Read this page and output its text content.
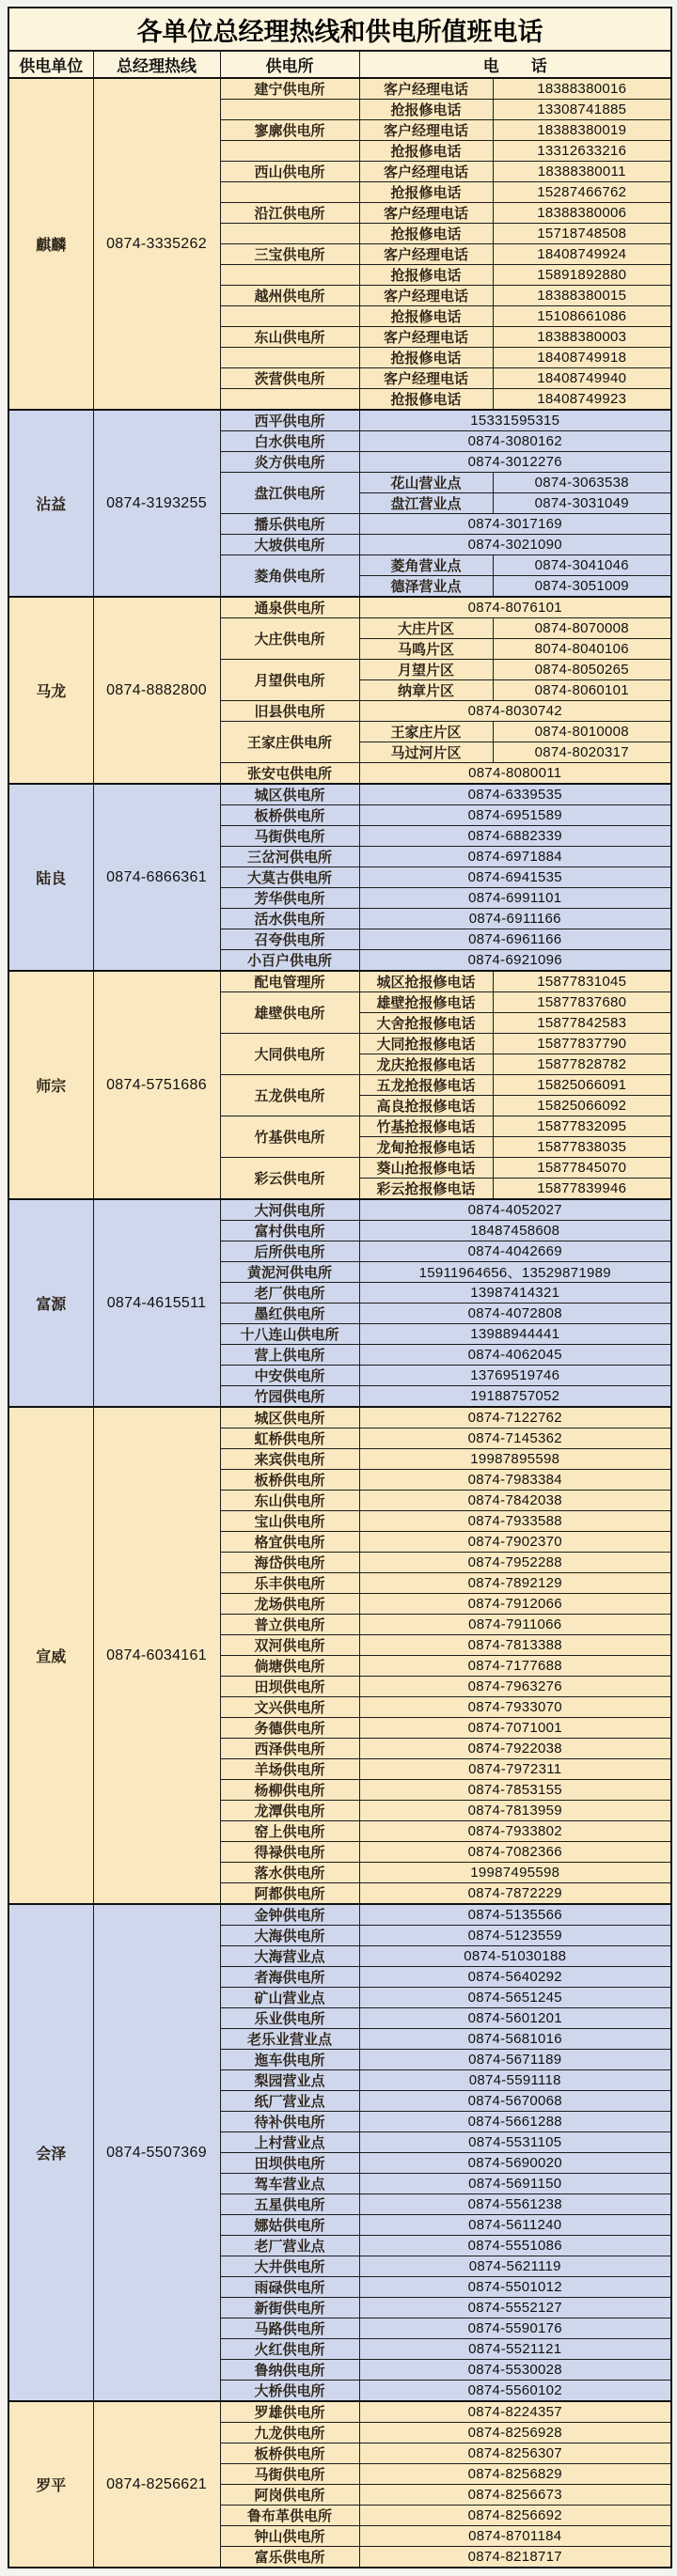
各单位总经理热线和供电所值班电话				
供电单位	总经理热线	供电所	电　　话	
麒麟	0874-3335262	建宁供电所	客户经理电话	18388380016
			抢报修电话	13308741885
		寥廓供电所	客户经理电话	18388380019
			抢报修电话	13312633216
		西山供电所	客户经理电话	18388380011
			抢报修电话	15287466762
		沿江供电所	客户经理电话	18388380006
			抢报修电话	15718748508
		三宝供电所	客户经理电话	18408749924
			抢报修电话	15891892880
		越州供电所	客户经理电话	18388380015
			抢报修电话	15108661086
		东山供电所	客户经理电话	18388380003
			抢报修电话	18408749918
		茨营供电所	客户经理电话	18408749940
			抢报修电话	18408749923
沾益	0874-3193255	西平供电所	15331595315	
		白水供电所	0874-3080162	
		炎方供电所	0874-3012276	
		盘江供电所	花山营业点	0874-3063538
			盘江营业点	0874-3031049
		播乐供电所	0874-3017169	
		大坡供电所	0874-3021090	
		菱角供电所	菱角营业点	0874-3041046
			德泽营业点	0874-3051009
马龙	0874-8882800	通泉供电所	0874-8076101	
		大庄供电所	大庄片区	0874-8070008
			马鸣片区	8074-8040106
		月望供电所	月望片区	0874-8050265
			纳章片区	0874-8060101
		旧县供电所	0874-8030742	
		王家庄供电所	王家庄片区	0874-8010008
			马过河片区	0874-8020317
		张安屯供电所	0874-8080011	
陆良	0874-6866361	城区供电所	0874-6339535	
		板桥供电所	0874-6951589	
		马街供电所	0874-6882339	
		三岔河供电所	0874-6971884	
		大莫古供电所	0874-6941535	
		芳华供电所	0874-6991101	
		活水供电所	0874-6911166	
		召夸供电所	0874-6961166	
		小百户供电所	0874-6921096	
师宗	0874-5751686	配电管理所	城区抢报修电话	15877831045
		雄壁供电所	雄壁抢报修电话	15877837680
			大舍抢报修电话	15877842583
		大同供电所	大同抢报修电话	15877837790
			龙庆抢报修电话	15877828782
		五龙供电所	五龙抢报修电话	15825066091
			高良抢报修电话	15825066092
		竹基供电所	竹基抢报修电话	15877832095
			龙甸抢报修电话	15877838035
		彩云供电所	葵山抢报修电话	15877845070
			彩云抢报修电话	15877839946
富源	0874-4615511	大河供电所	0874-4052027	
		富村供电所	18487458608	
		后所供电所	0874-4042669	
		黄泥河供电所	15911964656、13529871989	
		老厂供电所	13987414321	
		墨红供电所	0874-4072808	
		十八连山供电所	13988944441	
		营上供电所	0874-4062045	
		中安供电所	13769519746	
		竹园供电所	19188757052	
宣威	0874-6034161	城区供电所	0874-7122762	
		虹桥供电所	0874-7145362	
		来宾供电所	19987895598	
		板桥供电所	0874-7983384	
		东山供电所	0874-7842038	
		宝山供电所	0874-7933588	
		格宜供电所	0874-7902370	
		海岱供电所	0874-7952288	
		乐丰供电所	0874-7892129	
		龙场供电所	0874-7912066	
		普立供电所	0874-7911066	
		双河供电所	0874-7813388	
		倘塘供电所	0874-7177688	
		田坝供电所	0874-7963276	
		文兴供电所	0874-7933070	
		务德供电所	0874-7071001	
		西泽供电所	0874-7922038	
		羊场供电所	0874-7972311	
		杨柳供电所	0874-7853155	
		龙潭供电所	0874-7813959	
		窑上供电所	0874-7933802	
		得禄供电所	0874-7082366	
		落水供电所	19987495598	
		阿都供电所	0874-7872229	
会泽	0874-5507369	金钟供电所	0874-5135566	
		大海供电所	0874-5123559	
		大海营业点	0874-51030188	
		者海供电所	0874-5640292	
		矿山营业点	0874-5651245	
		乐业供电所	0874-5601201	
		老乐业营业点	0874-5681016	
		迤车供电所	0874-5671189	
		梨园营业点	0874-5591118	
		纸厂营业点	0874-5670068	
		待补供电所	0874-5661288	
		上村营业点	0874-5531105	
		田坝供电所	0874-5690020	
		驾车营业点	0874-5691150	
		五星供电所	0874-5561238	
		娜姑供电所	0874-5611240	
		老厂营业点	0874-5551086	
		大井供电所	0874-5621119	
		雨碌供电所	0874-5501012	
		新街供电所	0874-5552127	
		马路供电所	0874-5590176	
		火红供电所	0874-5521121	
		鲁纳供电所	0874-5530028	
		大桥供电所	0874-5560102	
罗平	0874-8256621	罗雄供电所	0874-8224357	
		九龙供电所	0874-8256928	
		板桥供电所	0874-8256307	
		马街供电所	0874-8256829	
		阿岗供电所	0874-8256673	
		鲁布革供电所	0874-8256692	
		钟山供电所	0874-8701184	
		富乐供电所	0874-8218717	
